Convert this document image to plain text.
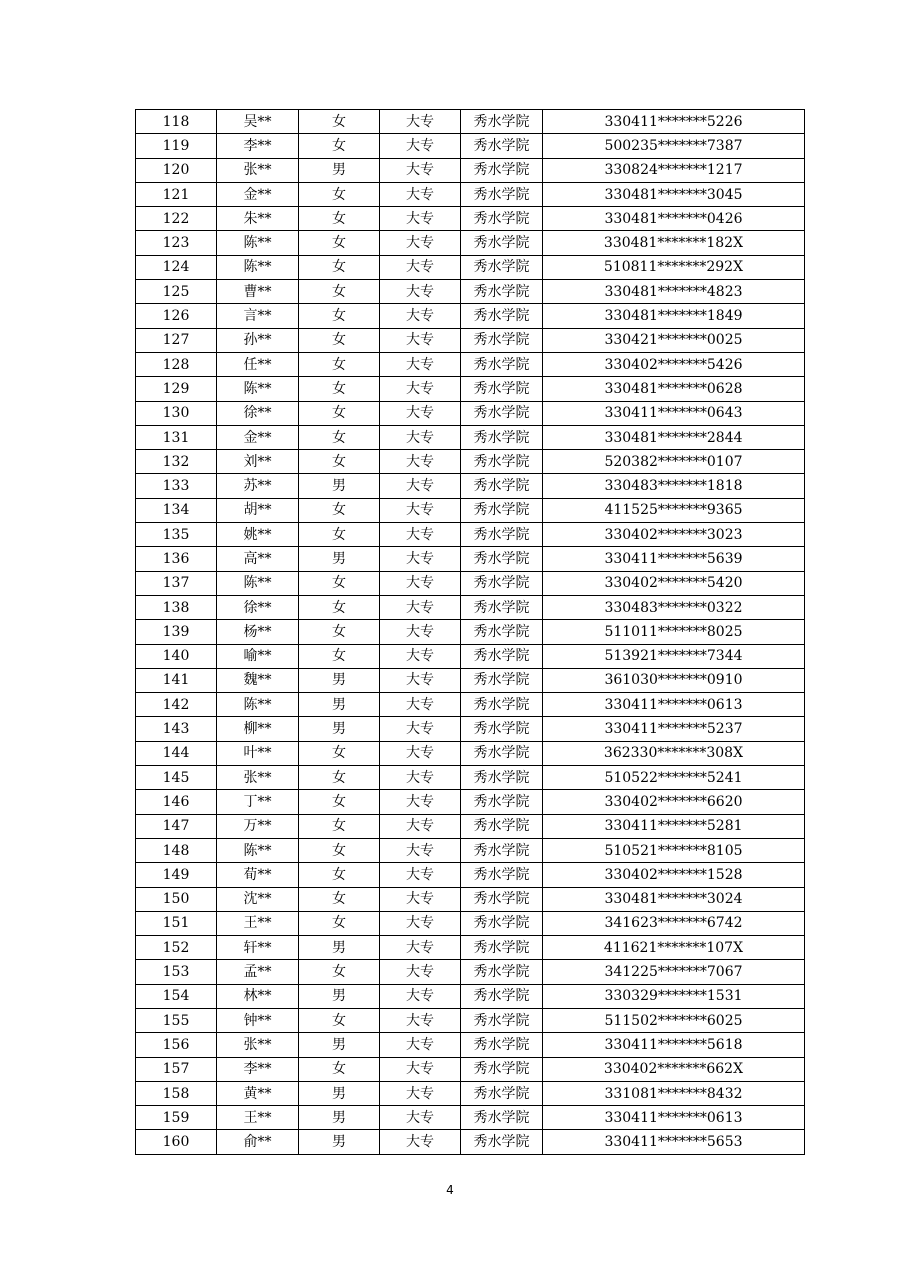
118	吴**	女	大专	秀水学院	330411*******5226
119	李**	女	大专	秀水学院	500235*******7387
120	张**	男	大专	秀水学院	330824*******1217
121	金**	女	大专	秀水学院	330481*******3045
122	朱**	女	大专	秀水学院	330481*******0426
123	陈**	女	大专	秀水学院	330481*******182X
124	陈**	女	大专	秀水学院	510811*******292X
125	曹**	女	大专	秀水学院	330481*******4823
126	言**	女	大专	秀水学院	330481*******1849
127	孙**	女	大专	秀水学院	330421*******0025
128	任**	女	大专	秀水学院	330402*******5426
129	陈**	女	大专	秀水学院	330481*******0628
130	徐**	女	大专	秀水学院	330411*******0643
131	金**	女	大专	秀水学院	330481*******2844
132	刘**	女	大专	秀水学院	520382*******0107
133	苏**	男	大专	秀水学院	330483*******1818
134	胡**	女	大专	秀水学院	411525*******9365
135	姚**	女	大专	秀水学院	330402*******3023
136	高**	男	大专	秀水学院	330411*******5639
137	陈**	女	大专	秀水学院	330402*******5420
138	徐**	女	大专	秀水学院	330483*******0322
139	杨**	女	大专	秀水学院	511011*******8025
140	喻**	女	大专	秀水学院	513921*******7344
141	魏**	男	大专	秀水学院	361030*******0910
142	陈**	男	大专	秀水学院	330411*******0613
143	柳**	男	大专	秀水学院	330411*******5237
144	叶**	女	大专	秀水学院	362330*******308X
145	张**	女	大专	秀水学院	510522*******5241
146	丁**	女	大专	秀水学院	330402*******6620
147	万**	女	大专	秀水学院	330411*******5281
148	陈**	女	大专	秀水学院	510521*******8105
149	荀**	女	大专	秀水学院	330402*******1528
150	沈**	女	大专	秀水学院	330481*******3024
151	王**	女	大专	秀水学院	341623*******6742
152	轩**	男	大专	秀水学院	411621*******107X
153	孟**	女	大专	秀水学院	341225*******7067
154	林**	男	大专	秀水学院	330329*******1531
155	钟**	女	大专	秀水学院	511502*******6025
156	张**	男	大专	秀水学院	330411*******5618
157	李**	女	大专	秀水学院	330402*******662X
158	黄**	男	大专	秀水学院	331081*******8432
159	王**	男	大专	秀水学院	330411*******0613
160	俞**	男	大专	秀水学院	330411*******5653
4
